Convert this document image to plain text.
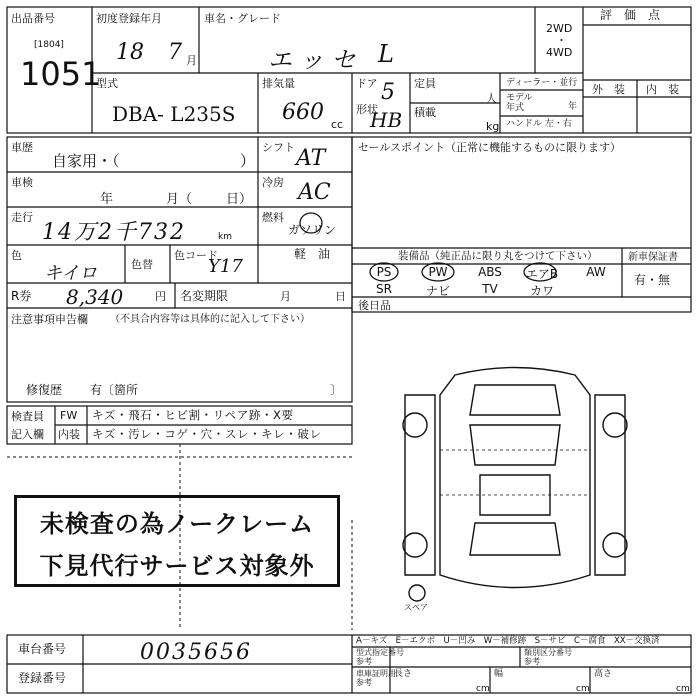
スペア
出品番号
[1804]
1051
初度登録年月
18 7 月
車名・グレード
エッセ L
2WD
・
4WD
評　価　点
型式
DBA- L235S
排気量
660 cc
ドア 5
形状
HB
定員
人
積載
kg
ディーラー・並行
モデル
年式	年
ハンドル 左・右
外　装 内　装
車歴
自家用・（	）
車検
年	月（	日）
走行
14万2千732	km
色
キイロ	色替
色コード
Y17
R券 8,340	円 名変期限	月	日
注意事項申告欄 （不具合内容等は具体的に記入して下さい）
修復歴 有〔箇所	〕
検査員
記入欄
FW キズ・飛石・ヒビ割・リペア跡・X要
内装 キズ・汚レ・コゲ・穴・スレ・キレ・破レ
シフト AT
冷房 AC
燃料
ガソリン
軽　油
セールスポイント（正常に機能するものに限ります）
装備品（純正品に限り丸をつけて下さい）	新車保証書
有・無
PS	PW	ABS	エアB	AW
SR	ナビ	TV	カワ
後日品
未検査の為ノークレーム
下見代行サービス対象外
A－キズ　E－エクボ　U－凹み　W－補修跡　S－サビ　C－腐食　XX－交換済
車台番号	0035656
登録番号
型式指定番号
参考
類別区分番号
参考
車庫証明用
参考
長さ
cm
幅
cm
高さ
cm
